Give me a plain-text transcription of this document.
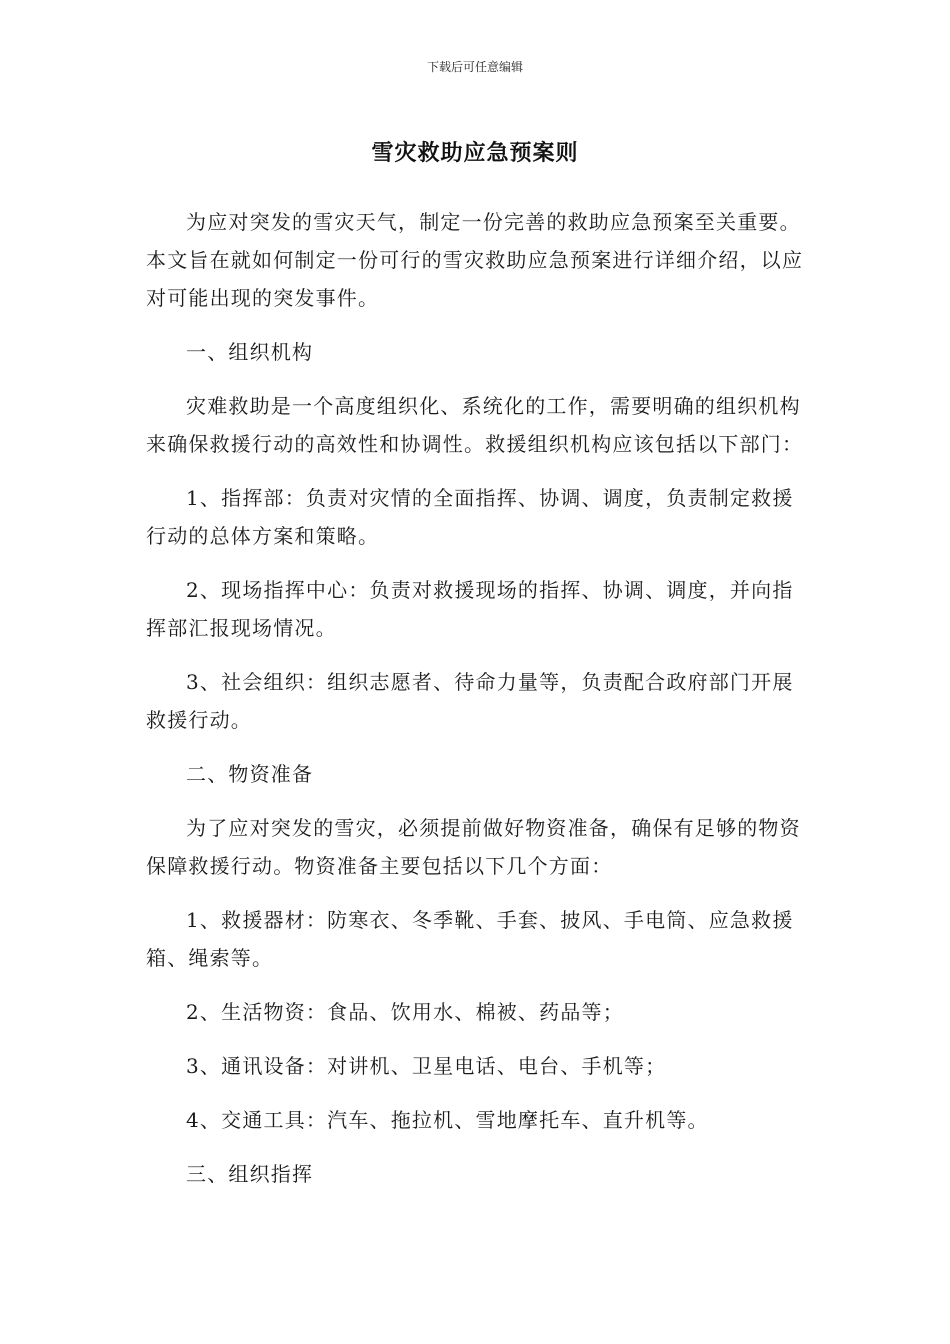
下载后可任意编辑
雪灾救助应急预案则

为应对突发的雪灾天气，制定一份完善的救助应急预案至关重要。本文旨在就如何制定一份可行的雪灾救助应急预案进行详细介绍，以应对可能出现的突发事件。

一、组织机构

灾难救助是一个高度组织化、系统化的工作，需要明确的组织机构来确保救援行动的高效性和协调性。救援组织机构应该包括以下部门：

1、指挥部：负责对灾情的全面指挥、协调、调度，负责制定救援行动的总体方案和策略。

2、现场指挥中心：负责对救援现场的指挥、协调、调度，并向指挥部汇报现场情况。

3、社会组织：组织志愿者、待命力量等，负责配合政府部门开展救援行动。

二、物资准备

为了应对突发的雪灾，必须提前做好物资准备，确保有足够的物资保障救援行动。物资准备主要包括以下几个方面：

1、救援器材：防寒衣、冬季靴、手套、披风、手电筒、应急救援箱、绳索等。

2、生活物资：食品、饮用水、棉被、药品等；

3、通讯设备：对讲机、卫星电话、电台、手机等；

4、交通工具：汽车、拖拉机、雪地摩托车、直升机等。

三、组织指挥
